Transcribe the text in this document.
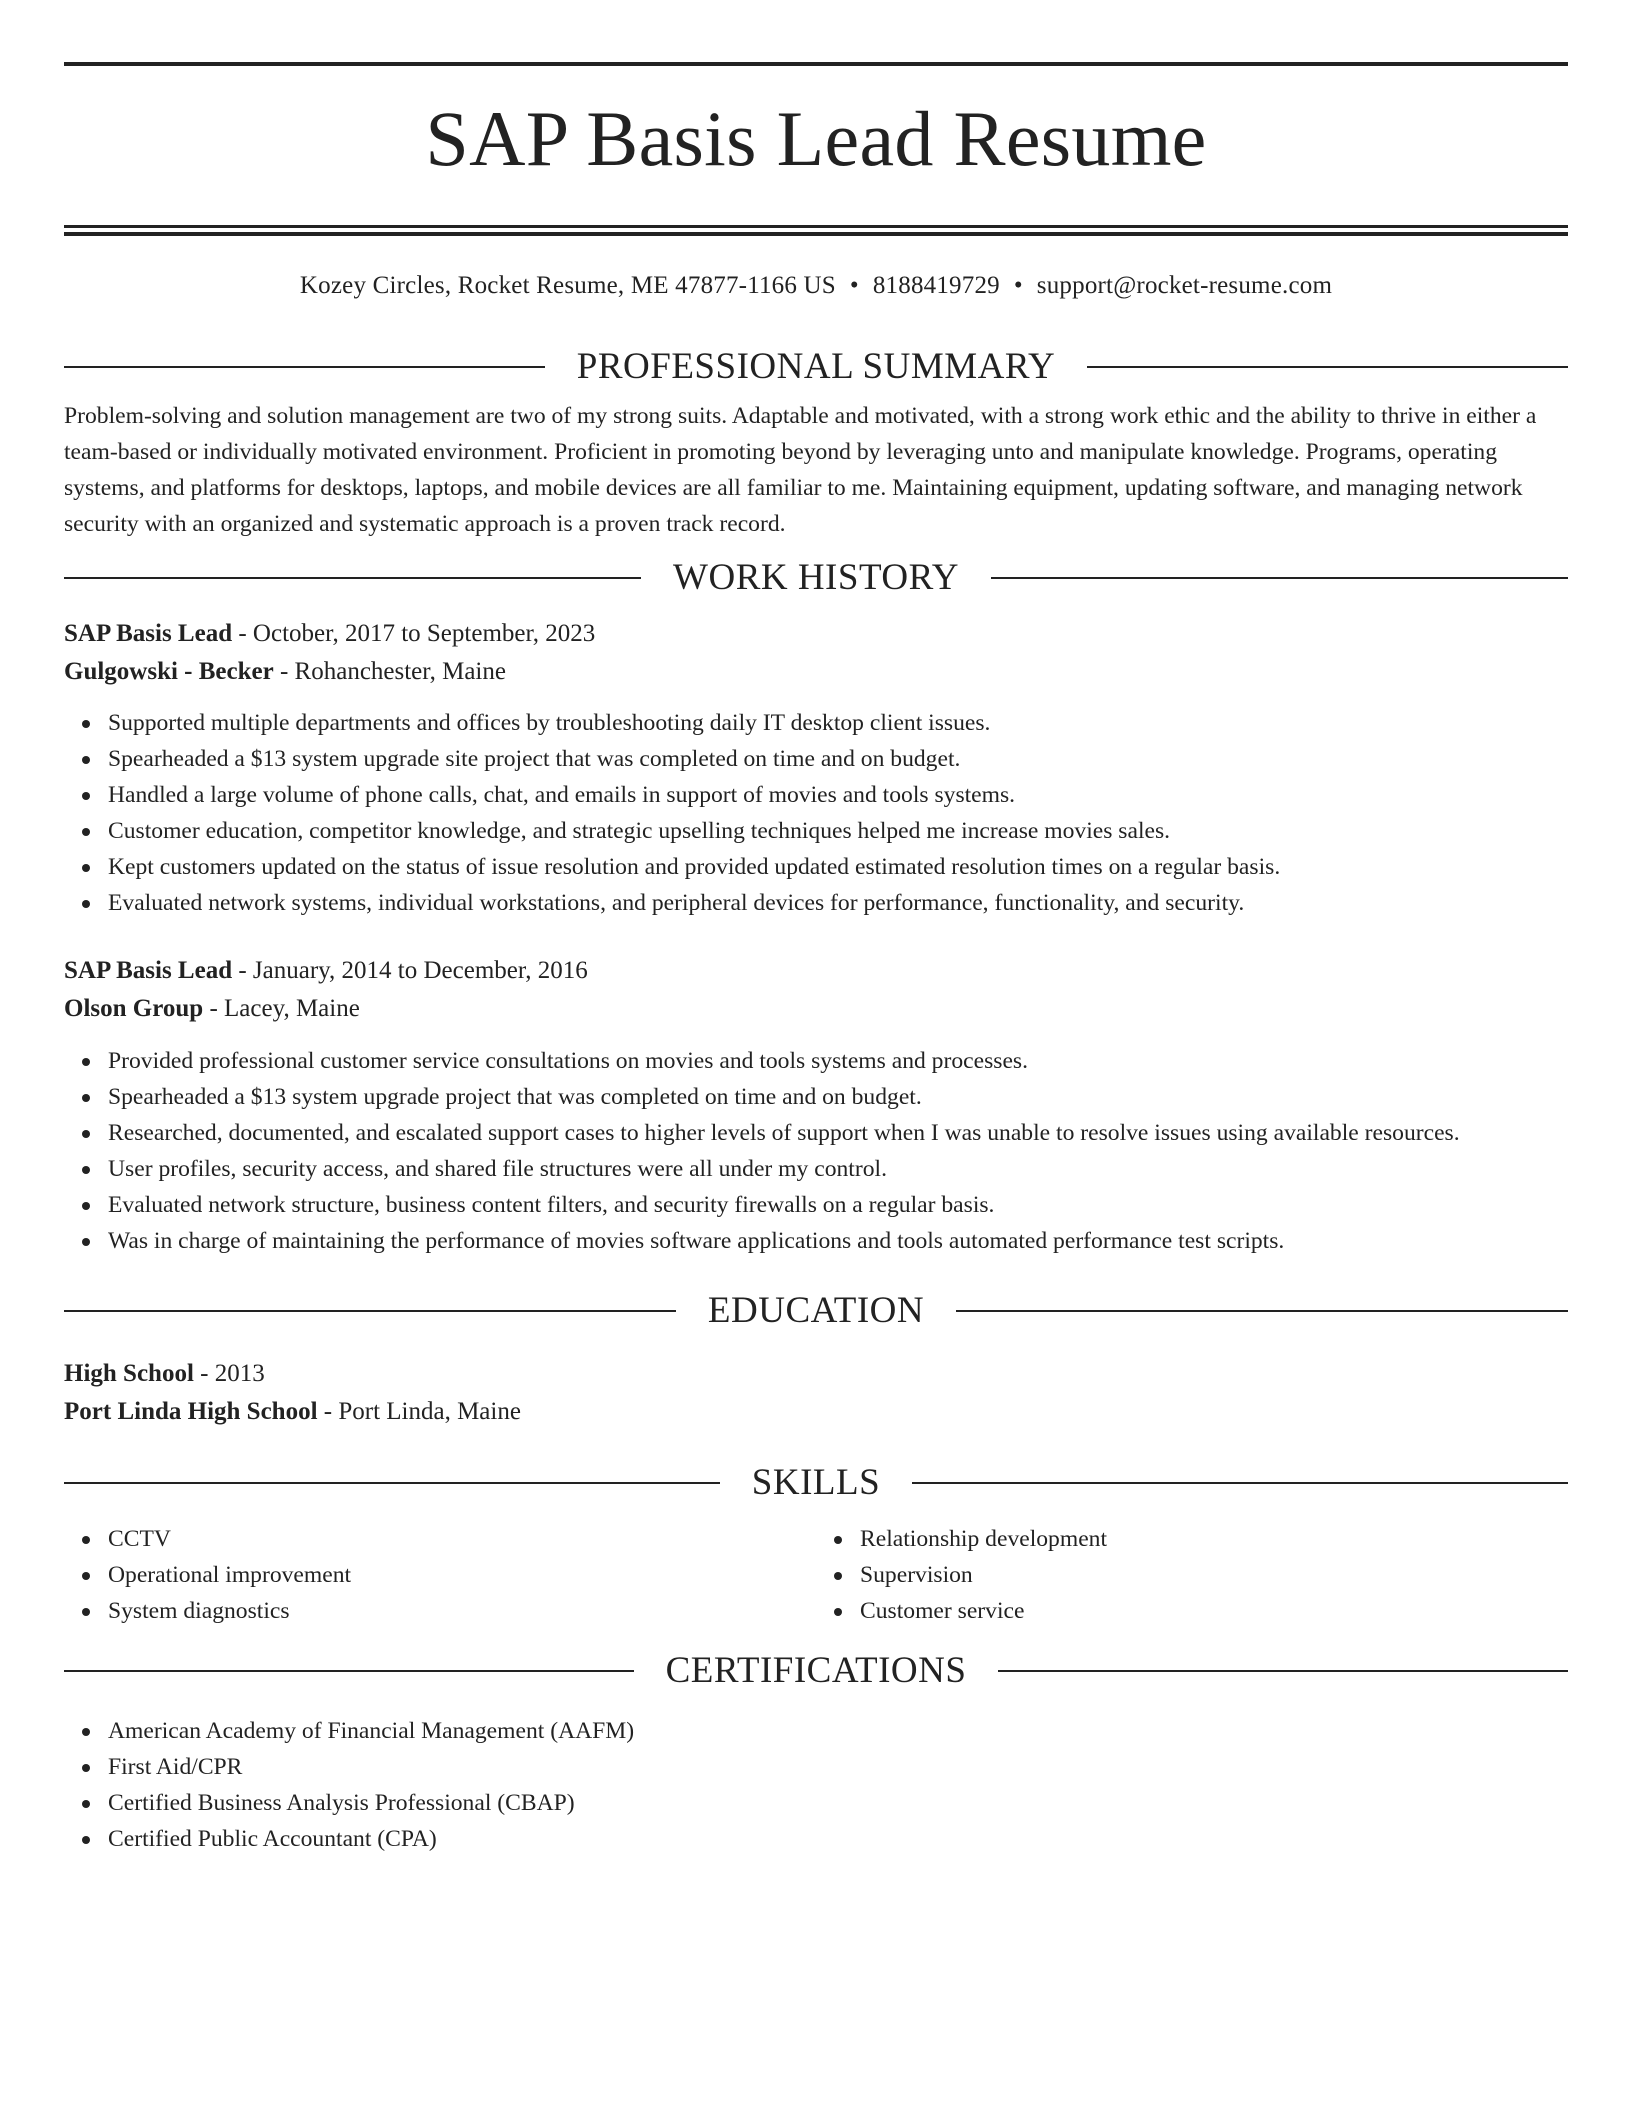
SAP Basis Lead Resume
Kozey Circles, Rocket Resume, ME 47877-1166 US • 8188419729 • support@rocket-resume.com
PROFESSIONAL SUMMARY
Problem-solving and solution management are two of my strong suits. Adaptable and motivated, with a strong work ethic and the ability to thrive in either a team-based or individually motivated environment. Proficient in promoting beyond by leveraging unto and manipulate knowledge. Programs, operating systems, and platforms for desktops, laptops, and mobile devices are all familiar to me. Maintaining equipment, updating software, and managing network security with an organized and systematic approach is a proven track record.
WORK HISTORY
SAP Basis Lead - October, 2017 to September, 2023
Gulgowski - Becker - Rohanchester, Maine
Supported multiple departments and offices by troubleshooting daily IT desktop client issues.
Spearheaded a $13 system upgrade site project that was completed on time and on budget.
Handled a large volume of phone calls, chat, and emails in support of movies and tools systems.
Customer education, competitor knowledge, and strategic upselling techniques helped me increase movies sales.
Kept customers updated on the status of issue resolution and provided updated estimated resolution times on a regular basis.
Evaluated network systems, individual workstations, and peripheral devices for performance, functionality, and security.
SAP Basis Lead - January, 2014 to December, 2016
Olson Group - Lacey, Maine
Provided professional customer service consultations on movies and tools systems and processes.
Spearheaded a $13 system upgrade project that was completed on time and on budget.
Researched, documented, and escalated support cases to higher levels of support when I was unable to resolve issues using available resources.
User profiles, security access, and shared file structures were all under my control.
Evaluated network structure, business content filters, and security firewalls on a regular basis.
Was in charge of maintaining the performance of movies software applications and tools automated performance test scripts.
EDUCATION
High School - 2013
Port Linda High School - Port Linda, Maine
SKILLS
CCTV
Operational improvement
System diagnostics
Relationship development
Supervision
Customer service
CERTIFICATIONS
American Academy of Financial Management (AAFM)
First Aid/CPR
Certified Business Analysis Professional (CBAP)
Certified Public Accountant (CPA)
